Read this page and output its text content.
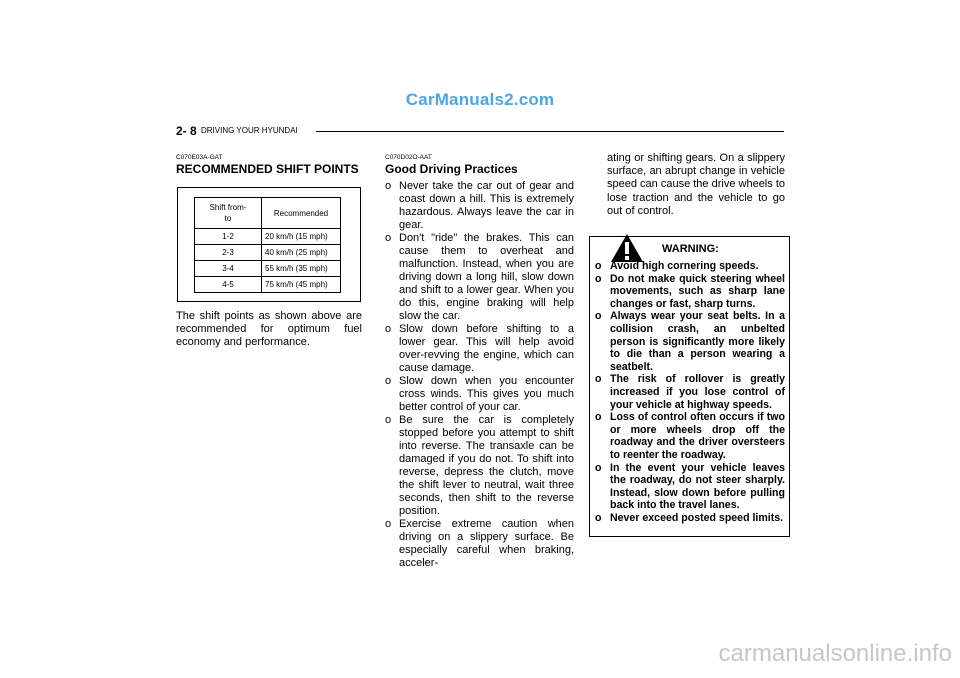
CarManuals2.com
2- 8 DRIVING YOUR HYUNDAI
C070E03A-GAT
RECOMMENDED SHIFT POINTS
Shift from-to	Recommended
1-2	20 km/h (15 mph)
2-3	40 km/h (25 mph)
3-4	55 km/h (35 mph)
4-5	75 km/h (45 mph)
The shift points as shown above are recommended for optimum fuel economy and performance.
C070D02O-AAT
Good Driving Practices
o Never take the car out of gear and coast down a hill. This is extremely hazardous. Always leave the car in gear.
o Don't "ride" the brakes. This can cause them to overheat and malfunction. Instead, when you are driving down a long hill, slow down and shift to a lower gear. When you do this, engine braking will help slow the car.
o Slow down before shifting to a lower gear. This will help avoid over-revving the engine, which can cause damage.
o Slow down when you encounter cross winds. This gives you much better control of your car.
o Be sure the car is completely stopped before you attempt to shift into reverse. The transaxle can be damaged if you do not. To shift into reverse, depress the clutch, move the shift lever to neutral, wait three seconds, then shift to the reverse position.
o Exercise extreme caution when driving on a slippery surface. Be especially careful when braking, acceler-
ating or shifting gears. On a slippery surface, an abrupt change in vehicle speed can cause the drive wheels to lose traction and the vehicle to go out of control.
WARNING:
o Avoid high cornering speeds.
o Do not make quick steering wheel movements, such as sharp lane changes or fast, sharp turns.
o Always wear your seat belts. In a collision crash, an unbelted person is significantly more likely to die than a person wearing a seatbelt.
o The risk of rollover is greatly increased if you lose control of your vehicle at highway speeds.
o Loss of control often occurs if two or more wheels drop off the roadway and the driver oversteers to reenter the roadway.
o In the event your vehicle leaves the roadway, do not steer sharply. Instead, slow down before pulling back into the travel lanes.
o Never exceed posted speed limits.
carmanualsonline.info
